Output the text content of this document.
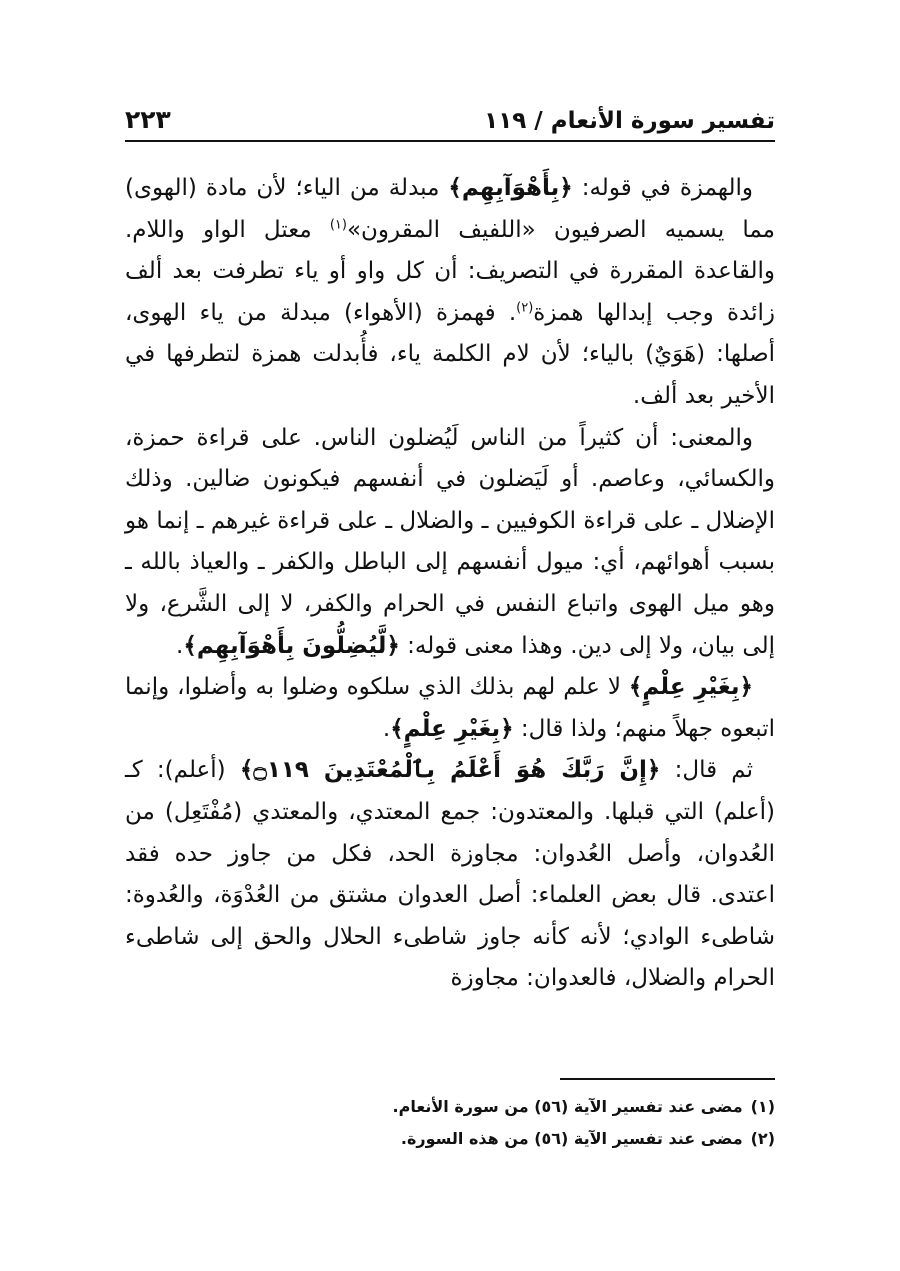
تفسير سورة الأنعام / ١١٩
٢٢٣

والهمزة في قوله: ﴿بِأَهْوَآبِهِم﴾ مبدلة من الياء؛ لأن مادة (الهوى) مما يسميه الصرفيون «اللفيف المقرون»$^{(١)}$ معتل الواو واللام. والقاعدة المقررة في التصريف: أن كل واو أو ياء تطرفت بعد ألف زائدة وجب إبدالها همزة$^{(٢)}$. فهمزة (الأهواء) مبدلة من ياء الهوى، أصلها: (هَوَيٌ) بالياء؛ لأن لام الكلمة ياء، فأُبدلت همزة لتطرفها في الأخير بعد ألف.

والمعنى: أن كثيراً من الناس لَيُضلون الناس. على قراءة حمزة، والكسائي، وعاصم. أو لَيَضلون في أنفسهم فيكونون ضالين. وذلك الإضلال ـ على قراءة الكوفيين ـ والضلال ـ على قراءة غيرهم ـ إنما هو بسبب أهوائهم، أي: ميول أنفسهم إلى الباطل والكفر ـ والعياذ بالله ـ وهو ميل الهوى واتباع النفس في الحرام والكفر، لا إلى الشَّرع، ولا إلى بيان، ولا إلى دين. وهذا معنى قوله: ﴿لَّيُضِلُّونَ بِأَهْوَآبِهِم﴾.

﴿بِغَيْرِ عِلْمٍ﴾ لا علم لهم بذلك الذي سلكوه وضلوا به وأضلوا، وإنما اتبعوه جهلاً منهم؛ ولذا قال: ﴿بِغَيْرِ عِلْمٍ﴾.

ثم قال: ﴿إِنَّ رَبَّكَ هُوَ أَعْلَمُ بِٱلْمُعْتَدِينَ ۝١١٩﴾ (أعلم): كـ (أعلم) التي قبلها. والمعتدون: جمع المعتدي، والمعتدي (مُفْتَعِل) من العُدوان، وأصل العُدوان: مجاوزة الحد، فكل من جاوز حده فقد اعتدى. قال بعض العلماء: أصل العدوان مشتق من العُدْوَة، والعُدوة: شاطىء الوادي؛ لأنه كأنه جاوز شاطىء الحلال والحق إلى شاطىء الحرام والضلال، فالعدوان: مجاوزة

(١)مضى عند تفسير الآية (٥٦) من سورة الأنعام.

(٢)مضى عند تفسير الآية (٥٦) من هذه السورة.
